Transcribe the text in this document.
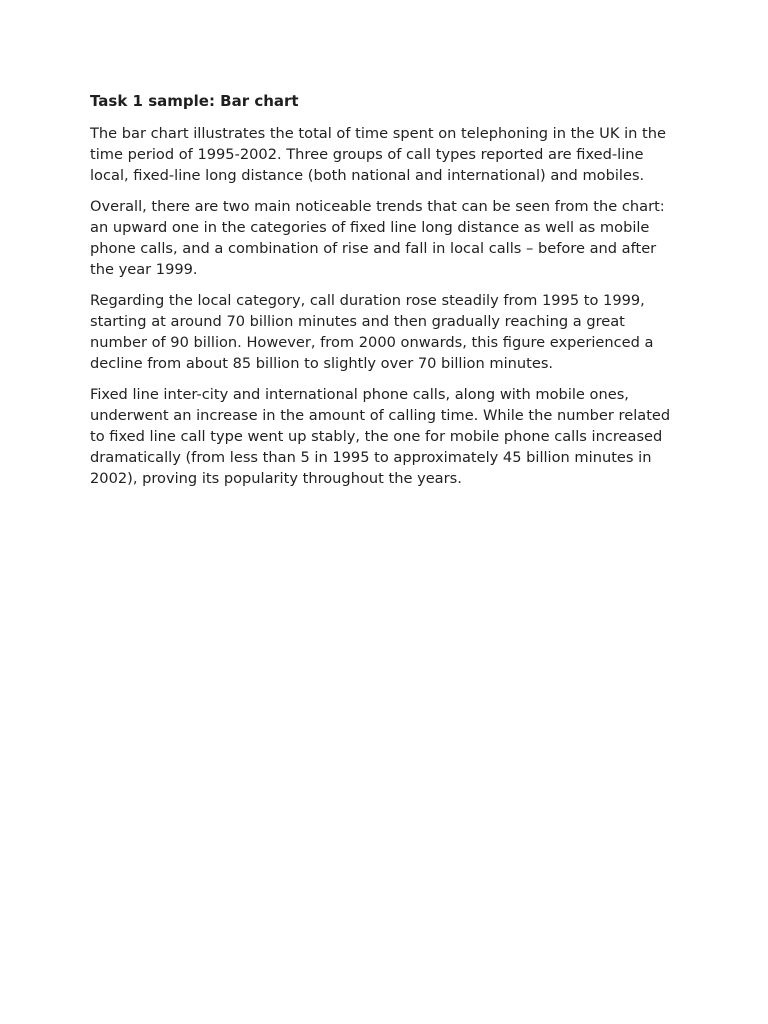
Task 1 sample: Bar chart

The bar chart illustrates the total of time spent on telephoning in the UK in the time period of 1995-2002. Three groups of call types reported are fixed-line local, fixed-line long distance (both national and international) and mobiles.

Overall, there are two main noticeable trends that can be seen from the chart: an upward one in the categories of fixed line long distance as well as mobile phone calls, and a combination of rise and fall in local calls – before and after the year 1999.

Regarding the local category, call duration rose steadily from 1995 to 1999, starting at around 70 billion minutes and then gradually reaching a great number of 90 billion. However, from 2000 onwards, this figure experienced a decline from about 85 billion to slightly over 70 billion minutes.

Fixed line inter-city and international phone calls, along with mobile ones, underwent an increase in the amount of calling time. While the number related to fixed line call type went up stably, the one for mobile phone calls increased dramatically (from less than 5 in 1995 to approximately 45 billion minutes in 2002), proving its popularity throughout the years.
